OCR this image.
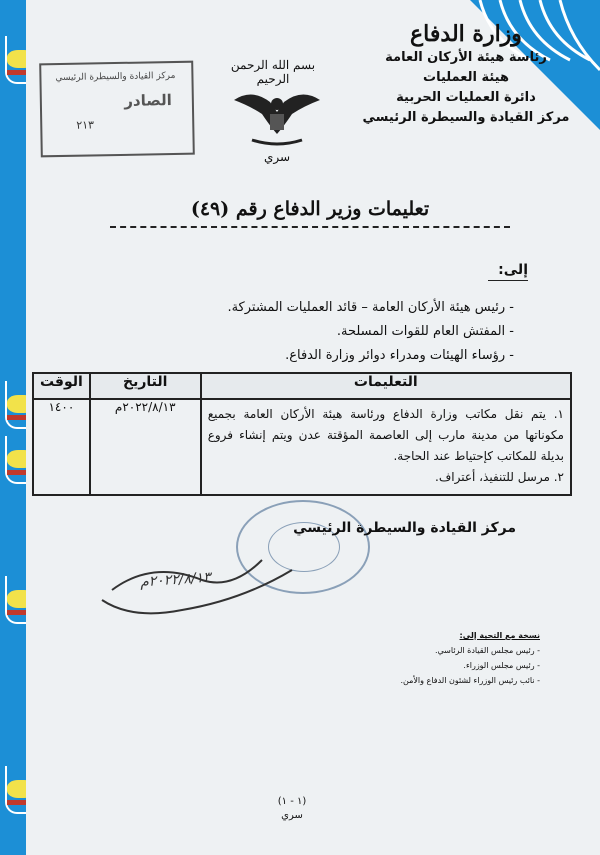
وزارة الدفاع
رئاسة هيئة الأركان العامة
هيئة العمليات
دائرة العمليات الحربية
مركز القيادة والسيطرة الرئيسي
بسم الله الرحمن الرحيم
سري
مركز القيادة والسيطرة الرئيسي
الصادر
٢١٣
تعليمات وزير الدفاع رقم (٤٩)
إلى:
- رئيس هيئة الأركان العامة – قائد العمليات المشتركة.
- المفتش العام للقوات المسلحة.
- رؤساء الهيئات ومدراء دوائر وزارة الدفاع.
التعليمات	التاريخ	الوقت

١. يتم نقل مكاتب وزارة الدفاع ورئاسة هيئة الأركان العامة بجميع مكوناتها من مدينة مارب إلى العاصمة المؤقتة عدن ويتم إنشاء فروع بديلة للمكاتب كإحتياط عند الحاجة.

٢. مرسل للتنفيذ، أعتراف.	٢٠٢٢/٨/١٣م	١٤٠٠
مركز القيادة والسيطرة الرئيسي
٢٠٢٢/٨/١٣م
نسخة مع التحية إلى:
- رئيس مجلس القيادة الرئاسي.
- رئيس مجلس الوزراء.
- نائب رئيس الوزراء لشئون الدفاع والأمن.
(١ - ١)
سري
